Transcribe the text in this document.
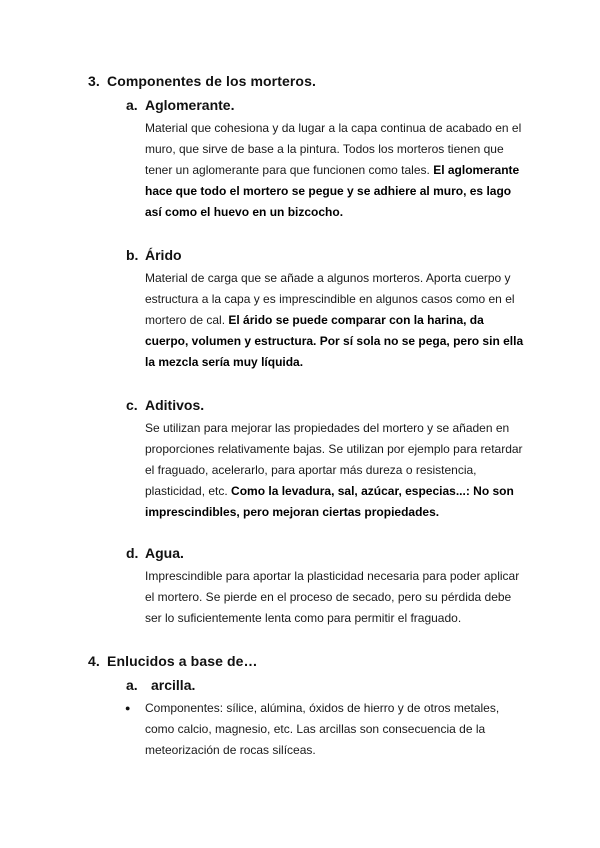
3. Componentes de los morteros.
a. Aglomerante.
Material que cohesiona y da lugar a la capa continua de acabado en el muro, que sirve de base a la pintura. Todos los morteros tienen que tener un aglomerante para que funcionen como tales. El aglomerante hace que todo el mortero se pegue y se adhiere al muro, es lago así como el huevo en un bizcocho.
b. Árido
Material de carga que se añade a algunos morteros. Aporta cuerpo y estructura a la capa y es imprescindible en algunos casos como en el mortero de cal. El árido se puede comparar con la harina, da cuerpo, volumen y estructura. Por sí sola no se pega, pero sin ella la mezcla sería muy líquida.
c. Aditivos.
Se utilizan para mejorar las propiedades del mortero y se añaden en proporciones relativamente bajas. Se utilizan por ejemplo para retardar el fraguado, acelerarlo, para aportar más dureza o resistencia, plasticidad, etc. Como la levadura, sal, azúcar, especias...: No son imprescindibles, pero mejoran ciertas propiedades.
d. Agua.
Imprescindible para aportar la plasticidad necesaria para poder aplicar el mortero. Se pierde en el proceso de secado, pero su pérdida debe ser lo suficientemente lenta como para permitir el fraguado.
4. Enlucidos a base de…
a. arcilla.
● Componentes: sílice, alúmina, óxidos de hierro y de otros metales, como calcio, magnesio, etc. Las arcillas son consecuencia de la meteorización de rocas silíceas.
